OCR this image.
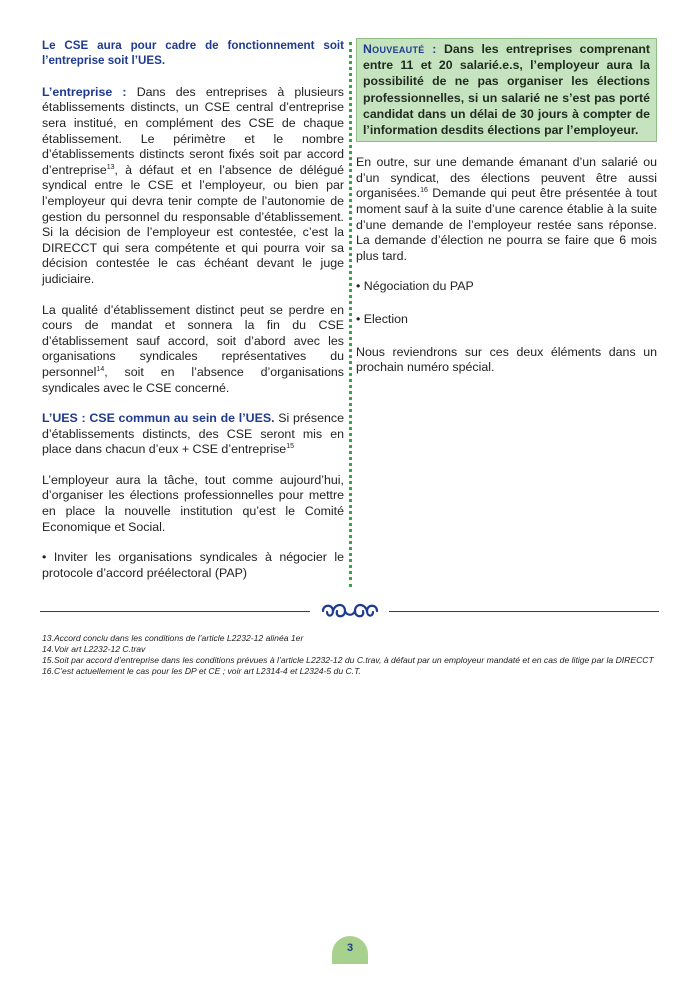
Le CSE aura pour cadre de fonctionnement soit l’entreprise soit l’UES.

L’entreprise : Dans des entreprises à plusieurs établissements distincts, un CSE central d’entreprise sera institué, en complément des CSE de chaque établissement. Le périmètre et le nombre d’établissements distincts seront fixés soit par accord d’entreprise$^{13}$, à défaut et en l’absence de délégué syndical entre le CSE et l’employeur, ou bien par l’employeur qui devra tenir compte de l’autonomie de gestion du personnel du responsable d’établissement. Si la décision de l’employeur est contestée, c’est la DIRECCT qui sera compétente et qui pourra voir sa décision contestée le cas échéant devant le juge judiciaire.

La qualité d’établissement distinct peut se perdre en cours de mandat et sonnera la fin du CSE d’établissement sauf accord, soit d’abord avec les organisations syndicales représentatives du personnel$^{14}$, soit en l’absence d’organisations syndicales avec le CSE concerné.

L’UES : CSE commun au sein de l’UES. Si présence d’établissements distincts, des CSE seront mis en place dans chacun d’eux + CSE d’entreprise$^{15}$

L’employeur aura la tâche, tout comme aujourd’hui, d’organiser les élections professionnelles pour mettre en place la nouvelle institution qu’est le Comité Economique et Social.

• Inviter les organisations syndicales à négocier le protocole d’accord préélectoral (PAP)

Nouveauté : Dans les entreprises comprenant entre 11 et 20 salarié.e.s, l’employeur aura la possibilité de ne pas organiser les élections professionnelles, si un salarié ne s’est pas porté candidat dans un délai de 30 jours à compter de l’information desdits élections par l’employeur.

En outre, sur une demande émanant d’un salarié ou d’un syndicat, des élections peuvent être aussi organisées.$^{16}$ Demande qui peut être présentée à tout moment sauf à la suite d’une carence établie à la suite d’une demande de l’employeur restée sans réponse. La demande d’élection ne pourra se faire que 6 mois plus tard.

• Négociation du PAP

• Election

Nous reviendrons sur ces deux éléments dans un prochain numéro spécial.

13.Accord conclu dans les conditions de l’article L2232-12 alinéa 1er
14.Voir art L2232-12 C.trav
15.Soit par accord d’entreprise dans les conditions prévues à l’article L2232-12 du C.trav, à défaut par un employeur mandaté et en cas de litige par la DIRECCT
16.C’est actuellement le cas pour les DP et CE ; voir art L2314-4 et L2324-5 du C.T.
3
